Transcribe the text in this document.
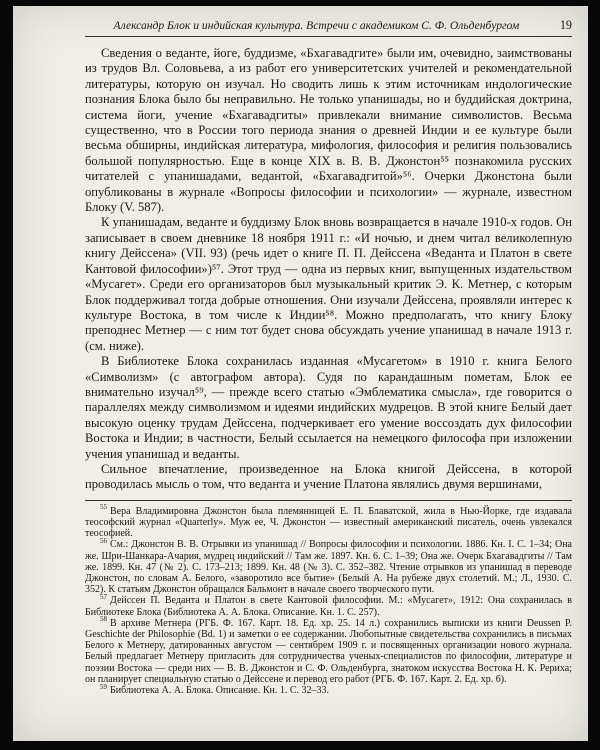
Александр Блок и индийская культура. Встречи с академиком С. Ф. Ольденбургом	19

Сведения о веданте, йоге, буддизме, «Бхагавадгите» были им, очевидно, заимствованы из трудов Вл. Соловьева, а из работ его университетских учителей и рекомендательной литературы, которую он изучал. Но сводить лишь к этим источникам индологические познания Блока было бы неправильно. Не только упанишады, но и буддийская доктрина, система йоги, учение «Бхагавадгиты» привлекали внимание символистов. Весьма существенно, что в России того периода знания о древней Индии и ее культуре были весьма обширны, индийская литература, мифология, философия и религия пользовались большой популярностью. Еще в конце XIX в. В. В. Джонстон⁵⁵ познакомила русских читателей с упанишадами, ведантой, «Бхагавадгитой»⁵⁶. Очерки Джонстона были опубликованы в журнале «Вопросы философии и психологии» — журнале, известном Блоку (V. 587).

К упанишадам, веданте и буддизму Блок вновь возвращается в начале 1910-х годов. Он записывает в своем дневнике 18 ноября 1911 г.: «И ночью, и днем читал великолепную книгу Дейссена» (VII. 93) (речь идет о книге П. П. Дейссена «Веданта и Платон в свете Кантовой философии»)⁵⁷. Этот труд — одна из первых книг, выпущенных издательством «Мусагет». Среди его организаторов был музыкальный критик Э. К. Метнер, с которым Блок поддерживал тогда добрые отношения. Они изучали Дейссена, проявляли интерес к культуре Востока, в том числе к Индии⁵⁸. Можно предполагать, что книгу Блоку преподнес Метнер — с ним тот будет снова обсуждать учение упанишад в начале 1913 г. (см. ниже).

В Библиотеке Блока сохранилась изданная «Мусагетом» в 1910 г. книга Белого «Символизм» (с автографом автора). Судя по карандашным пометам, Блок ее внимательно изучал⁵⁹, — прежде всего статью «Эмблематика смысла», где говорится о параллелях между символизмом и идеями индийских мудрецов. В этой книге Белый дает высокую оценку трудам Дейссена, подчеркивает его умение воссоздать дух философии Востока и Индии; в частности, Белый ссылается на немецкого философа при изложении учения упанишад и веданты.

Сильное впечатление, произведенное на Блока книгой Дейссена, в которой проводилась мысль о том, что веданта и учение Платона являлись двумя вершинами,

$^{55}$ Вера Владимировна Джонстон была племянницей Е. П. Блаватской, жила в Нью-Йорке, где издавала теософский журнал «Quarterly». Муж ее, Ч. Джонстон — известный американский писатель, очень увлекался теософией.

$^{56}$ См.: Джонстон В. В. Отрывки из упанишад // Вопросы философии и психологии. 1886. Кн. I. С. 1–34; Она же. Шри-Шанкара-Ачария, мудрец индийский // Там же. 1897. Кн. 6. С. 1–39; Она же. Очерк Бхагавадгиты // Там же. 1899. Кн. 47 (№ 2). С. 173–213; 1899. Кн. 48 (№ 3). С. 352–382. Чтение отрывков из упанишад в переводе Джонстон, по словам А. Белого, «заворотило все бытие» (Белый А. На рубеже двух столетий. М.; Л., 1930. С. 352). К статьям Джонстон обращался Бальмонт в начале своего творческого пути.

$^{57}$ Дейссен П. Веданта и Платон в свете Кантовой философии. М.: «Мусагет», 1912: Она сохранилась в Библиотеке Блока (Библиотека А. А. Блока. Описание. Кн. 1. С. 257).

$^{58}$ В архиве Метнера (РГБ. Ф. 167. Карт. 18. Ед. хр. 25. 14 л.) сохранились выписки из книги Deussen P. Geschichte der Philosophie (Bd. 1) и заметки о ее содержании. Любопытные свидетельства сохранились в письмах Белого к Метнеру, датированных августом — сентябрем 1909 г. и посвященных организации нового журнала. Белый предлагает Метнеру пригласить для сотрудничества ученых-специалистов по философии, литературе и поэзии Востока — среди них — В. В. Джонстон и С. Ф. Ольденбурга, знатоком искусства Востока Н. К. Рериха; он планирует специальную статью о Дейссене и перевод его работ (РГБ. Ф. 167. Карт. 2. Ед. хр. 6).

$^{59}$ Библиотека А. А. Блока. Описание. Кн. 1. С. 32–33.
